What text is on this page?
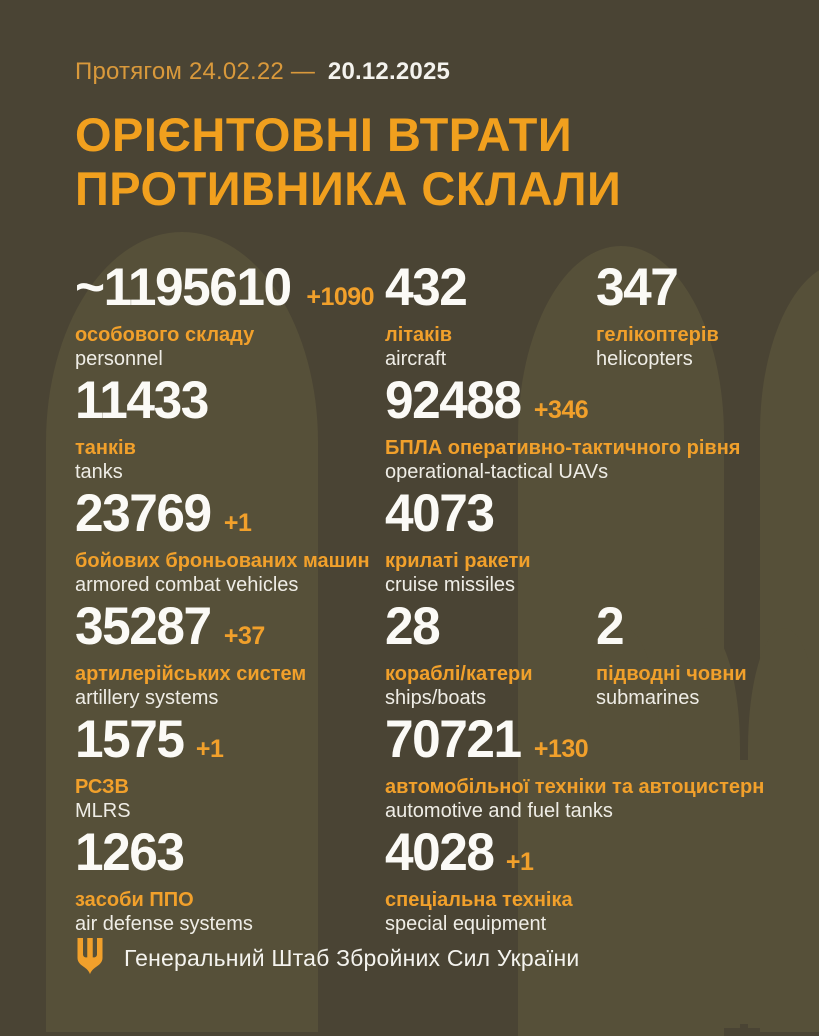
Протягом 24.02.22 — 20.12.2025
ОРІЄНТОВНІ ВТРАТИ
ПРОТИВНИКА СКЛАЛИ
~1195610 +1090
особового складу
personnel
432
літаків
aircraft
347
гелікоптерів
helicopters
11433
танків
tanks
92488 +346
БПЛА оперативно-тактичного рівня
operational-tactical UAVs
23769 +1
бойових броньованих машин
armored combat vehicles
4073
крилаті ракети
cruise missiles
35287 +37
артилерійських систем
artillery systems
28
кораблі/катери
ships/boats
2
підводні човни
submarines
1575 +1
РСЗВ
MLRS
70721 +130
автомобільної техніки та автоцистерн
automotive and fuel tanks
1263
засоби ППО
air defense systems
4028 +1
спеціальна техніка
special equipment
Генеральний Штаб Збройних Сил України
